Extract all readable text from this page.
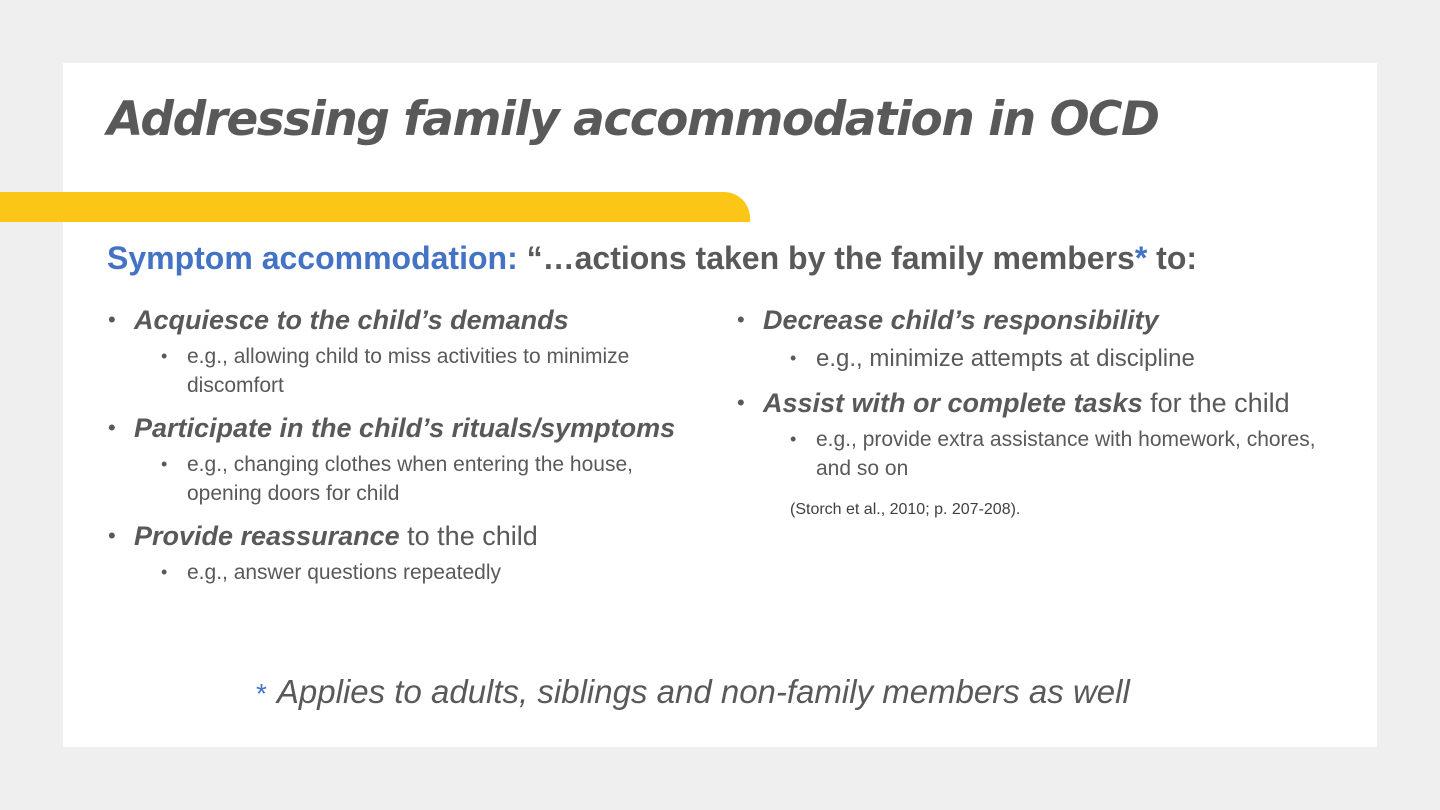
Addressing family accommodation in OCD
Symptom accommodation: “…actions taken by the family members* to:
• Acquiesce to the child’s demands
• e.g., allowing child to miss activities to minimize discomfort
• Participate in the child’s rituals/symptoms
• e.g., changing clothes when entering the house, opening doors for child
• Provide reassurance to the child
• e.g., answer questions repeatedly
• Decrease child’s responsibility
• e.g., minimize attempts at discipline
• Assist with or complete tasks for the child
• e.g., provide extra assistance with homework, chores, and so on
(Storch et al., 2010; p. 207-208).

* Applies to adults, siblings and non-family members as well
